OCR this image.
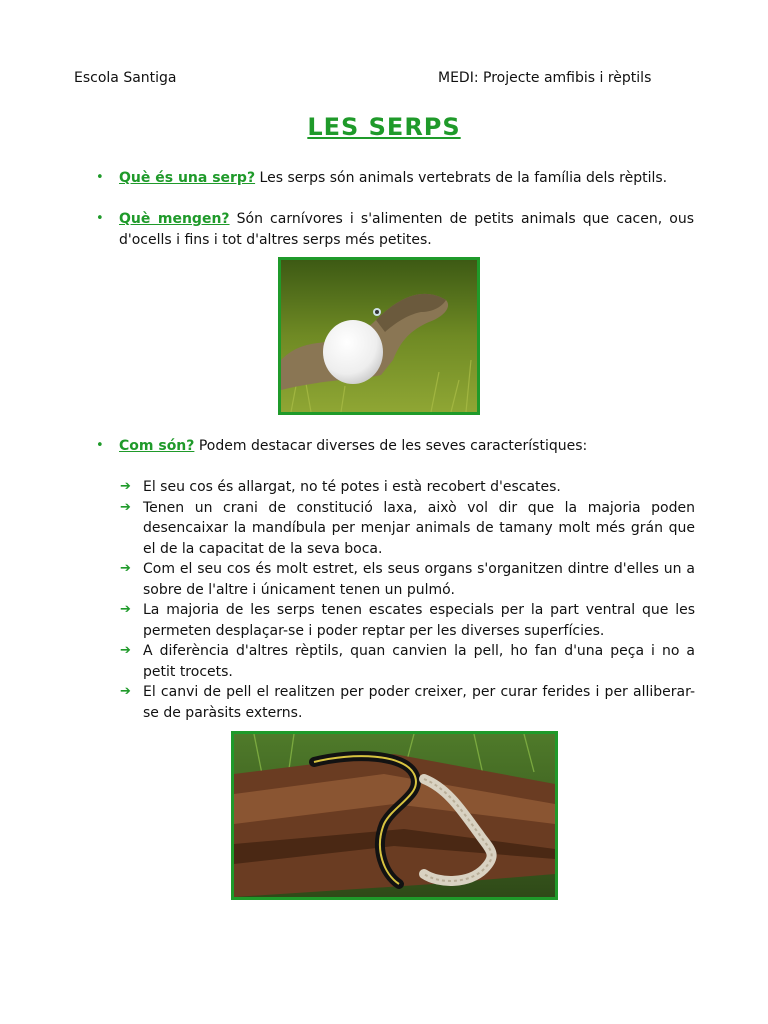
Escola Santiga	MEDI: Projecte amfibis i rèptils
LES SERPS
• Què és una serp? Les serps són animals vertebrats de la família dels rèptils.
• Què mengen? Són carnívores i s'alimenten de petits animals que cacen, ous d'ocells i fins i tot d'altres serps més petites.
• Com són? Podem destacar diverses de les seves característiques:
➔ El seu cos és allargat, no té potes i està recobert d'escates.
➔ Tenen un crani de constitució laxa, això vol dir que la majoria poden desencaixar la mandíbula per menjar animals de tamany molt més grán que el de la capacitat de la seva boca.
➔ Com el seu cos és molt estret, els seus organs s'organitzen dintre d'elles un a sobre de l'altre i únicament tenen un pulmó.
➔ La majoria de les serps tenen escates especials per la part ventral que les permeten desplaçar-se i poder reptar per les diverses superfícies.
➔ A diferència d'altres rèptils, quan canvien la pell, ho fan d'una peça i no a petit trocets.
➔ El canvi de pell el realitzen per poder creixer, per curar ferides i per alliberar-se de paràsits externs.
